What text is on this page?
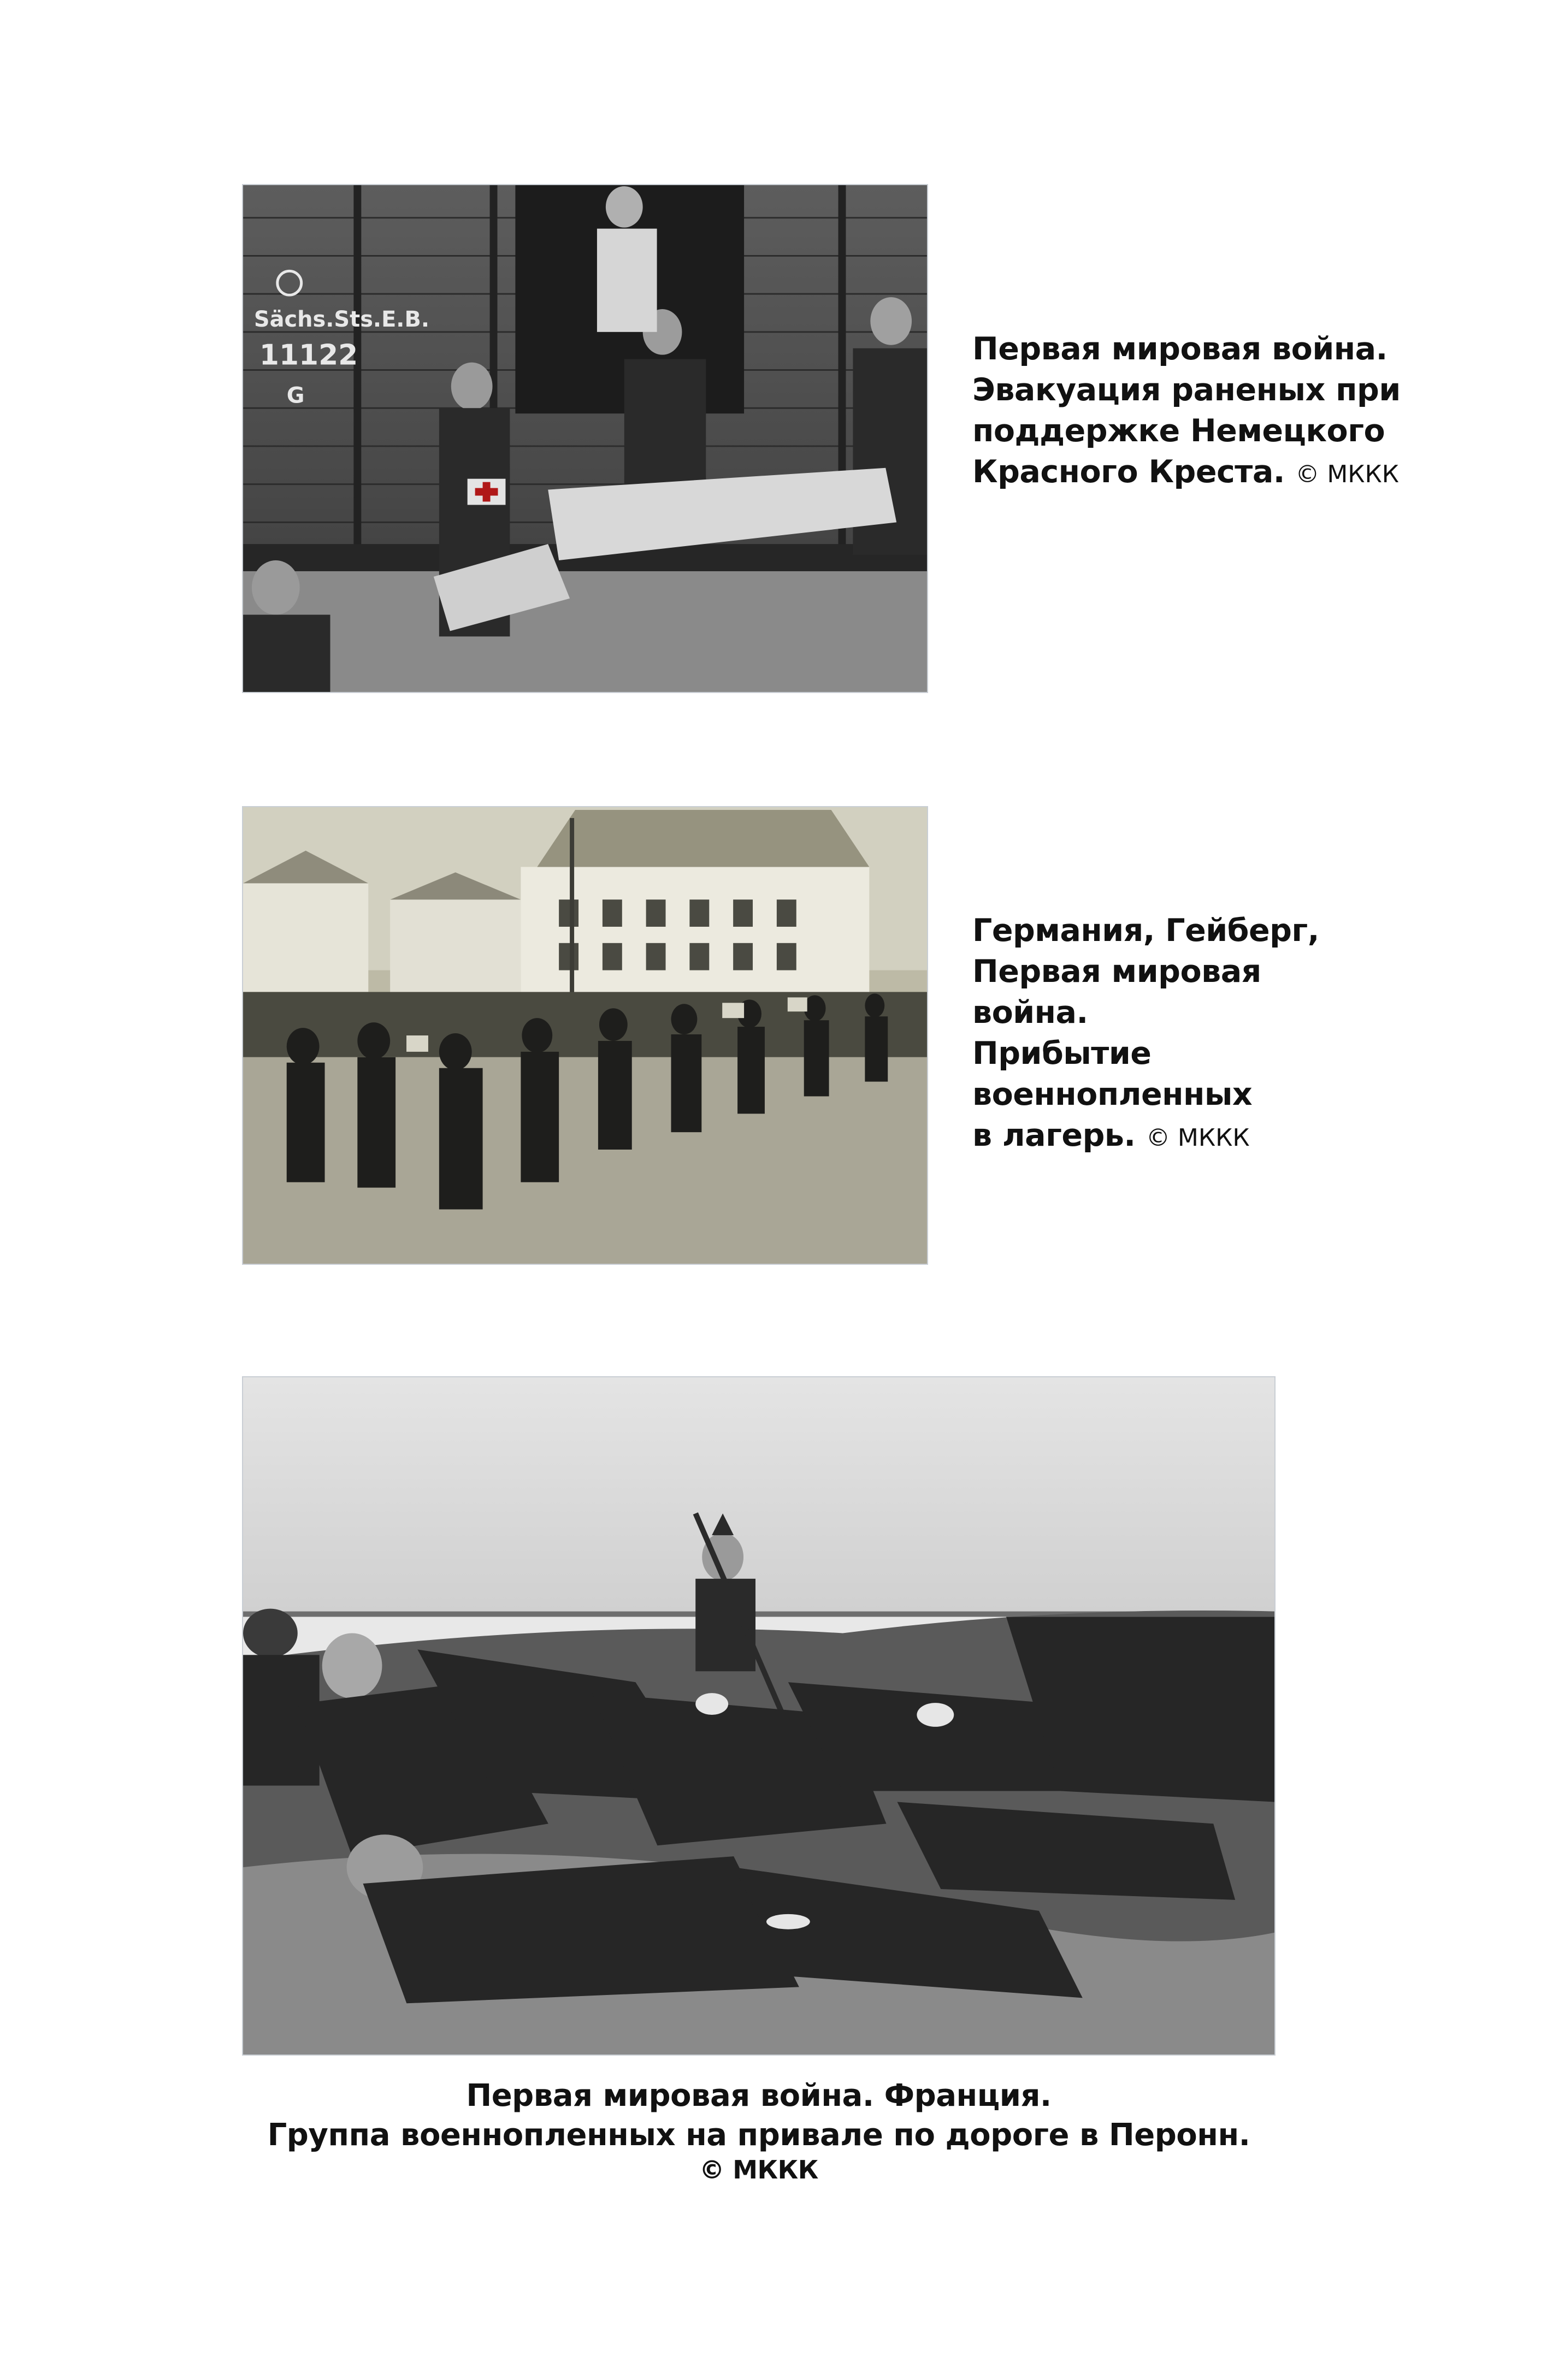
Sächs.Sts.E.B.
11122
G
Первая мировая война.
Эвакуация раненых при
поддержке Немецкого
Красного Креста. © МККК
Германия, Гейберг,
Первая мировая
война.
Прибытие
военнопленных
в лагерь. © МККК
Первая мировая война. Франция.
Группа военнопленных на привале по дороге в Перонн.
© МККК
